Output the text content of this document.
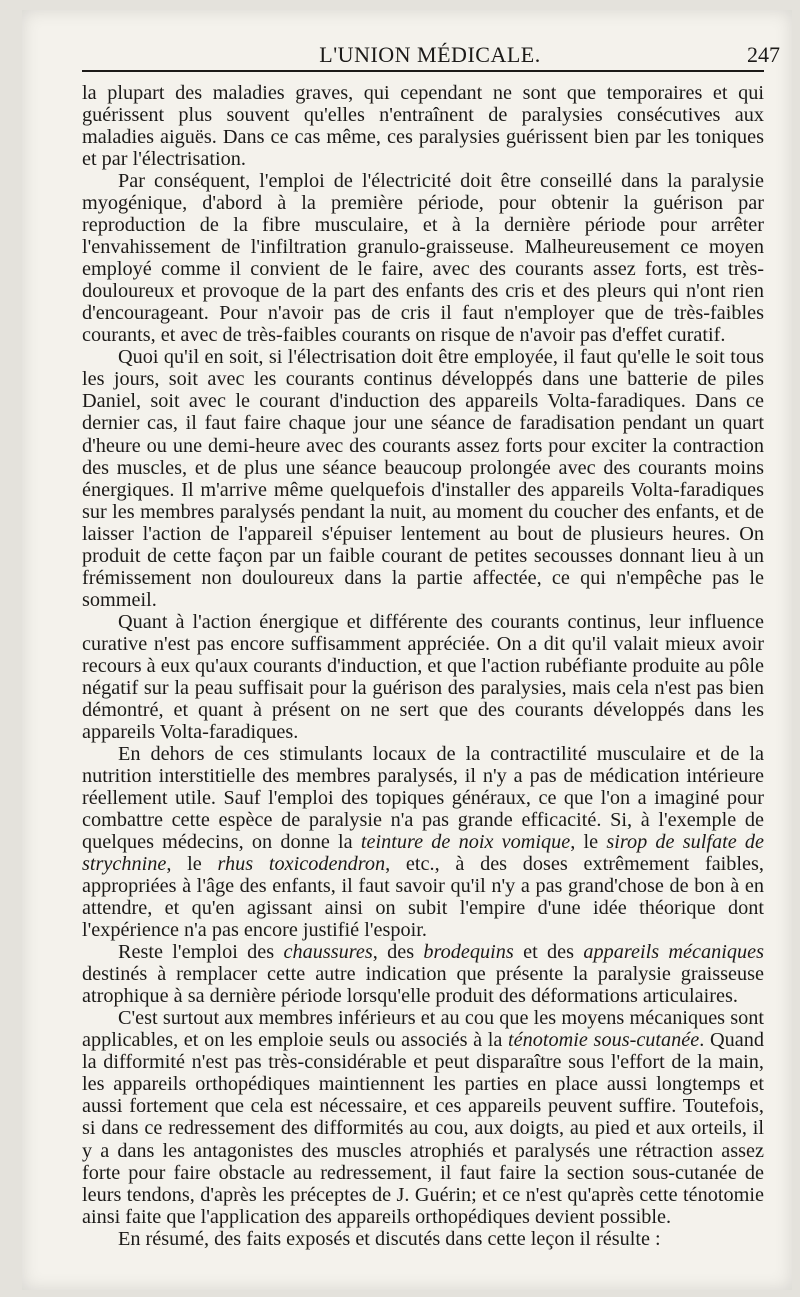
L'UNION MÉDICALE.	247

la plupart des maladies graves, qui cependant ne sont que temporaires et qui guérissent plus souvent qu'elles n'entraînent de paralysies consécutives aux maladies aiguës. Dans ce cas même, ces paralysies guérissent bien par les toniques et par l'électrisation.

Par conséquent, l'emploi de l'électricité doit être conseillé dans la paralysie myogénique, d'abord à la première période, pour obtenir la guérison par reproduction de la fibre musculaire, et à la dernière période pour arrêter l'envahissement de l'infiltration granulo-graisseuse. Malheureusement ce moyen employé comme il convient de le faire, avec des courants assez forts, est très-douloureux et provoque de la part des enfants des cris et des pleurs qui n'ont rien d'encourageant. Pour n'avoir pas de cris il faut n'employer que de très-faibles courants, et avec de très-faibles courants on risque de n'avoir pas d'effet curatif.

Quoi qu'il en soit, si l'électrisation doit être employée, il faut qu'elle le soit tous les jours, soit avec les courants continus développés dans une batterie de piles Daniel, soit avec le courant d'induction des appareils Volta-faradiques. Dans ce dernier cas, il faut faire chaque jour une séance de faradisation pendant un quart d'heure ou une demi-heure avec des courants assez forts pour exciter la contraction des muscles, et de plus une séance beaucoup prolongée avec des courants moins énergiques. Il m'arrive même quelquefois d'installer des appareils Volta-faradiques sur les membres paralysés pendant la nuit, au moment du coucher des enfants, et de laisser l'action de l'appareil s'épuiser lentement au bout de plusieurs heures. On produit de cette façon par un faible courant de petites secousses donnant lieu à un frémissement non douloureux dans la partie affectée, ce qui n'empêche pas le sommeil.

Quant à l'action énergique et différente des courants continus, leur influence curative n'est pas encore suffisamment appréciée. On a dit qu'il valait mieux avoir recours à eux qu'aux courants d'induction, et que l'action rubéfiante produite au pôle négatif sur la peau suffisait pour la guérison des paralysies, mais cela n'est pas bien démontré, et quant à présent on ne sert que des courants développés dans les appareils Volta-faradiques.

En dehors de ces stimulants locaux de la contractilité musculaire et de la nutrition interstitielle des membres paralysés, il n'y a pas de médication intérieure réellement utile. Sauf l'emploi des topiques généraux, ce que l'on a imaginé pour combattre cette espèce de paralysie n'a pas grande efficacité. Si, à l'exemple de quelques médecins, on donne la teinture de noix vomique, le sirop de sulfate de strychnine, le rhus toxicodendron, etc., à des doses extrêmement faibles, appropriées à l'âge des enfants, il faut savoir qu'il n'y a pas grand'chose de bon à en attendre, et qu'en agissant ainsi on subit l'empire d'une idée théorique dont l'expérience n'a pas encore justifié l'espoir.

Reste l'emploi des chaussures, des brodequins et des appareils mécaniques destinés à remplacer cette autre indication que présente la paralysie graisseuse atrophique à sa dernière période lorsqu'elle produit des déformations articulaires.

C'est surtout aux membres inférieurs et au cou que les moyens mécaniques sont applicables, et on les emploie seuls ou associés à la ténotomie sous-cutanée. Quand la difformité n'est pas très-considérable et peut disparaître sous l'effort de la main, les appareils orthopédiques maintiennent les parties en place aussi longtemps et aussi fortement que cela est nécessaire, et ces appareils peuvent suffire. Toutefois, si dans ce redressement des difformités au cou, aux doigts, au pied et aux orteils, il y a dans les antagonistes des muscles atrophiés et paralysés une rétraction assez forte pour faire obstacle au redressement, il faut faire la section sous-cutanée de leurs tendons, d'après les préceptes de J. Guérin; et ce n'est qu'après cette ténotomie ainsi faite que l'application des appareils orthopédiques devient possible.

En résumé, des faits exposés et discutés dans cette leçon il résulte :
